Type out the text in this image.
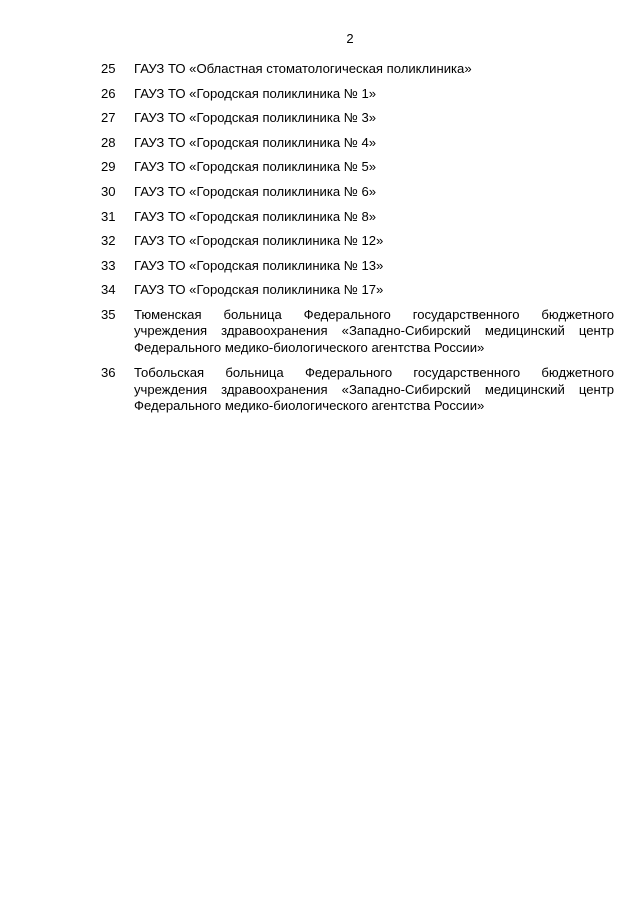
2
25	ГАУЗ ТО «Областная стоматологическая поликлиника»
26	ГАУЗ ТО «Городская поликлиника № 1»
27	ГАУЗ ТО «Городская поликлиника № 3»
28	ГАУЗ ТО «Городская поликлиника № 4»
29	ГАУЗ ТО «Городская поликлиника № 5»
30	ГАУЗ ТО «Городская поликлиника № 6»
31	ГАУЗ ТО «Городская поликлиника № 8»
32	ГАУЗ ТО «Городская поликлиника № 12»
33	ГАУЗ ТО «Городская поликлиника № 13»
34	ГАУЗ ТО «Городская поликлиника № 17»
35	Тюменская больница Федерального государственного бюджетного учреждения здравоохранения «Западно-Сибирский медицинский центр Федерального медико-биологического агентства России»
36	Тобольская больница Федерального государственного бюджетного учреждения здравоохранения «Западно-Сибирский медицинский центр Федерального медико-биологического агентства России»
